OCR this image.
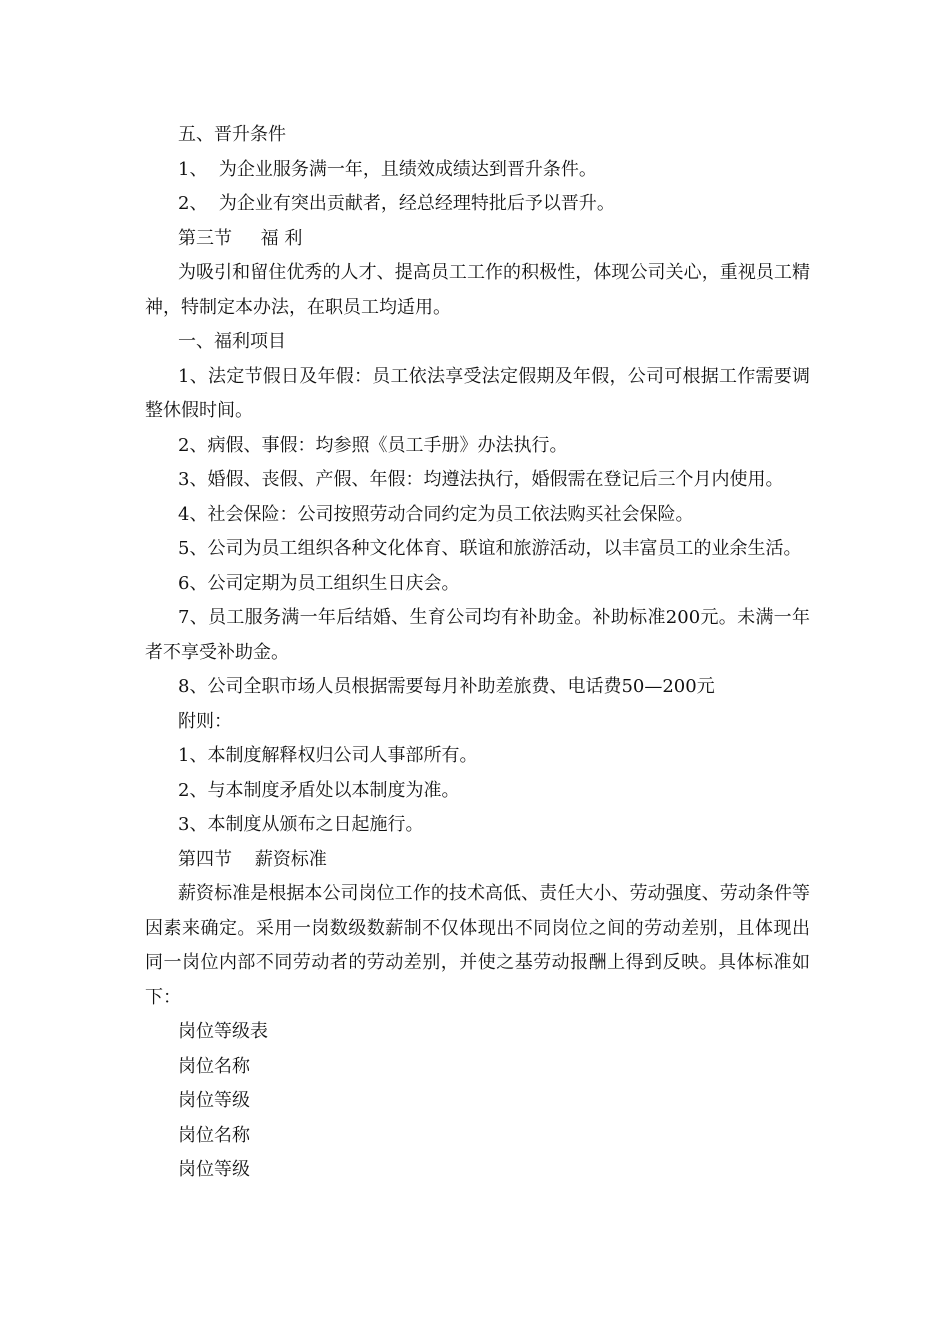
五、晋升条件

1、  为企业服务满一年，且绩效成绩达到晋升条件。

2、  为企业有突出贡献者，经总经理特批后予以晋升。

第三节     福 利

为吸引和留住优秀的人才、提高员工工作的积极性，体现公司关心，重视员工精神，特制定本办法，在职员工均适用。

一、福利项目

1、法定节假日及年假：员工依法享受法定假期及年假，公司可根据工作需要调整休假时间。

2、病假、事假：均参照《员工手册》办法执行。

3、婚假、丧假、产假、年假：均遵法执行，婚假需在登记后三个月内使用。

4、社会保险：公司按照劳动合同约定为员工依法购买社会保险。

5、公司为员工组织各种文化体育、联谊和旅游活动，以丰富员工的业余生活。

6、公司定期为员工组织生日庆会。

7、员工服务满一年后结婚、生育公司均有补助金。补助标准200元。未满一年者不享受补助金。

8、公司全职市场人员根据需要每月补助差旅费、电话费50—200元

附则：

1、本制度解释权归公司人事部所有。

2、与本制度矛盾处以本制度为准。

3、本制度从颁布之日起施行。

第四节    薪资标准

薪资标准是根据本公司岗位工作的技术高低、责任大小、劳动强度、劳动条件等因素来确定。采用一岗数级数薪制不仅体现出不同岗位之间的劳动差别，且体现出同一岗位内部不同劳动者的劳动差别，并使之基劳动报酬上得到反映。具体标准如下：

岗位等级表

岗位名称

岗位等级

岗位名称

岗位等级
